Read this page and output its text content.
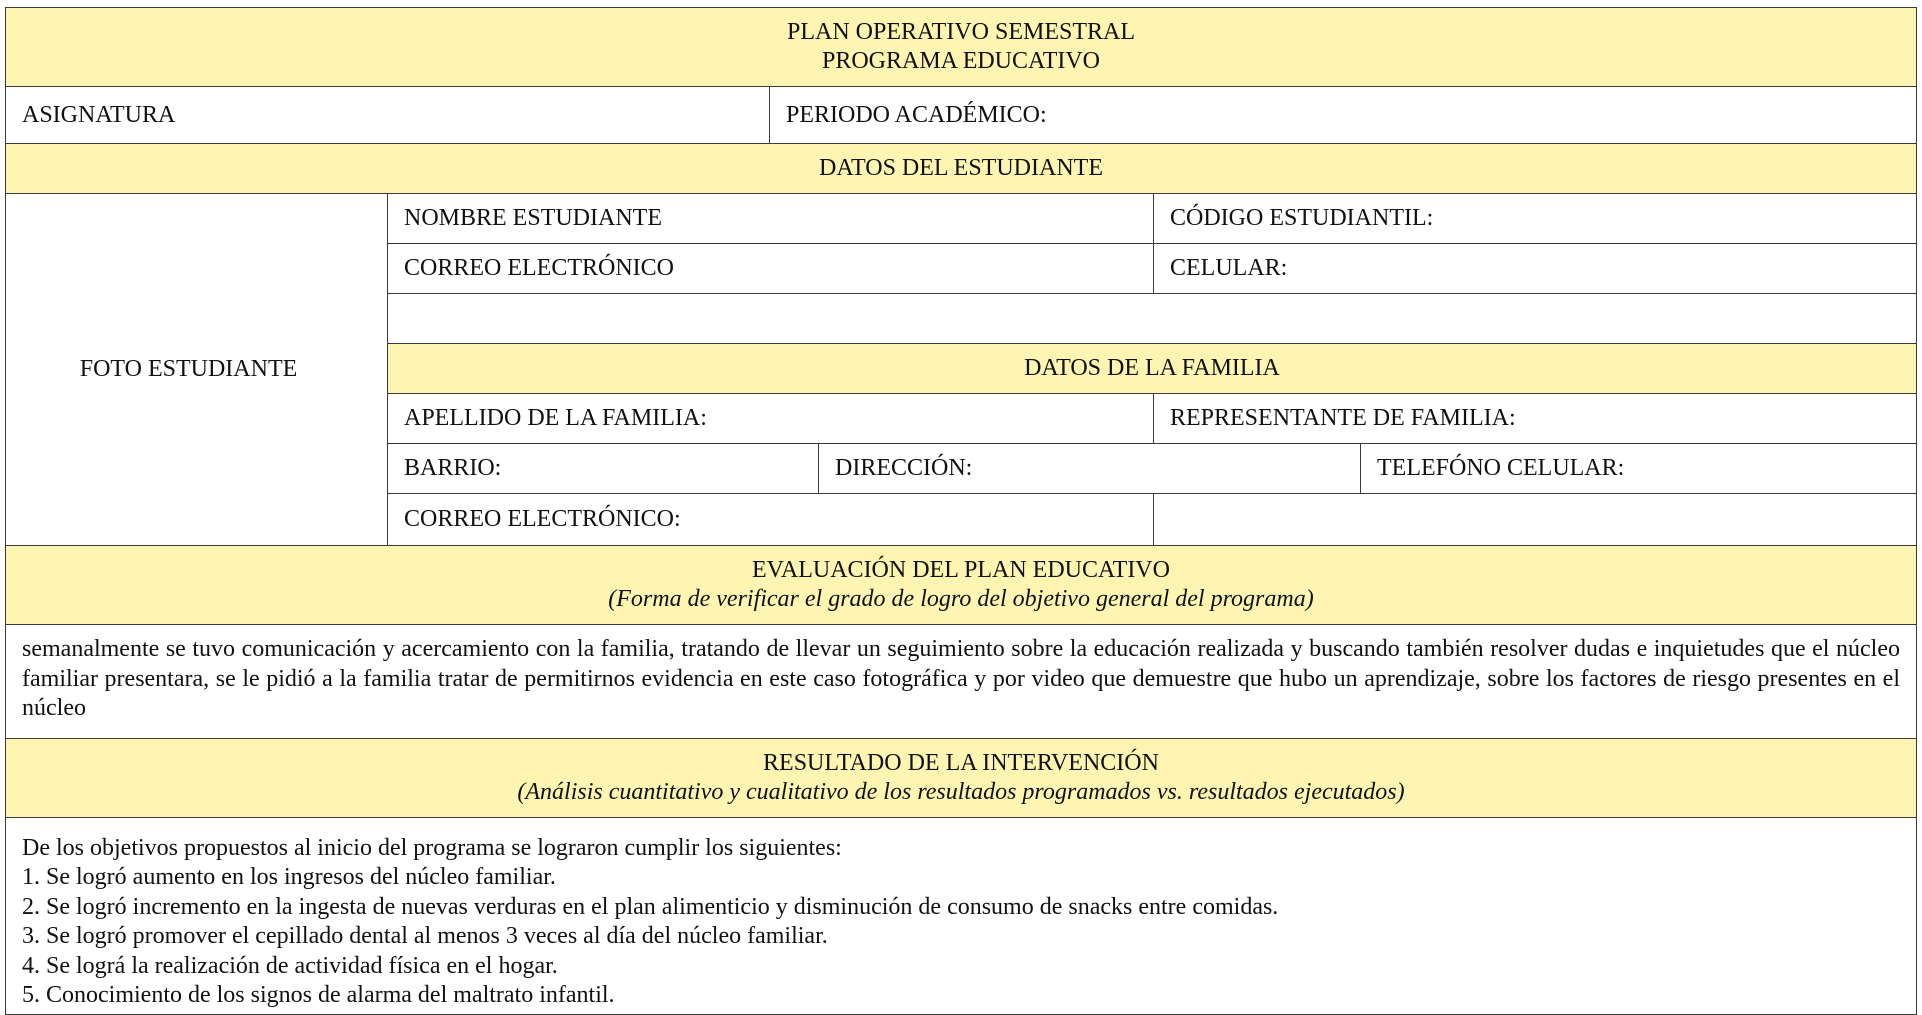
PLAN OPERATIVO SEMESTRAL
PROGRAMA EDUCATIVO
ASIGNATURA	PERIODO ACADÉMICO:
DATOS DEL ESTUDIANTE
FOTO ESTUDIANTE
NOMBRE ESTUDIANTE	CÓDIGO ESTUDIANTIL:
CORREO ELECTRÓNICO	CELULAR:
DATOS DE LA FAMILIA
APELLIDO DE LA FAMILIA:	REPRESENTANTE DE FAMILIA:
BARRIO:	DIRECCIÓN:	TELEFÓNO CELULAR:
CORREO ELECTRÓNICO:
EVALUACIÓN DEL PLAN EDUCATIVO
(Forma de verificar el grado de logro del objetivo general del programa)
semanalmente se tuvo comunicación y acercamiento con la familia, tratando de llevar un seguimiento sobre la educación realizada y buscando también resolver dudas e inquietudes que el núcleo familiar presentara, se le pidió a la familia tratar de permitirnos evidencia en este caso fotográfica y por video que demuestre que hubo un aprendizaje, sobre los factores de riesgo presentes en el núcleo
RESULTADO DE LA INTERVENCIÓN
(Análisis cuantitativo y cualitativo de los resultados programados vs. resultados ejecutados)
De los objetivos propuestos al inicio del programa se lograron cumplir los siguientes:
1. Se logró aumento en los ingresos del núcleo familiar.
2. Se logró incremento en la ingesta de nuevas verduras en el plan alimenticio y disminución de consumo de snacks entre comidas.
3. Se logró promover el cepillado dental al menos 3 veces al día del núcleo familiar.
4. Se lográ la realización de actividad física en el hogar.
5. Conocimiento de los signos de alarma del maltrato infantil.
